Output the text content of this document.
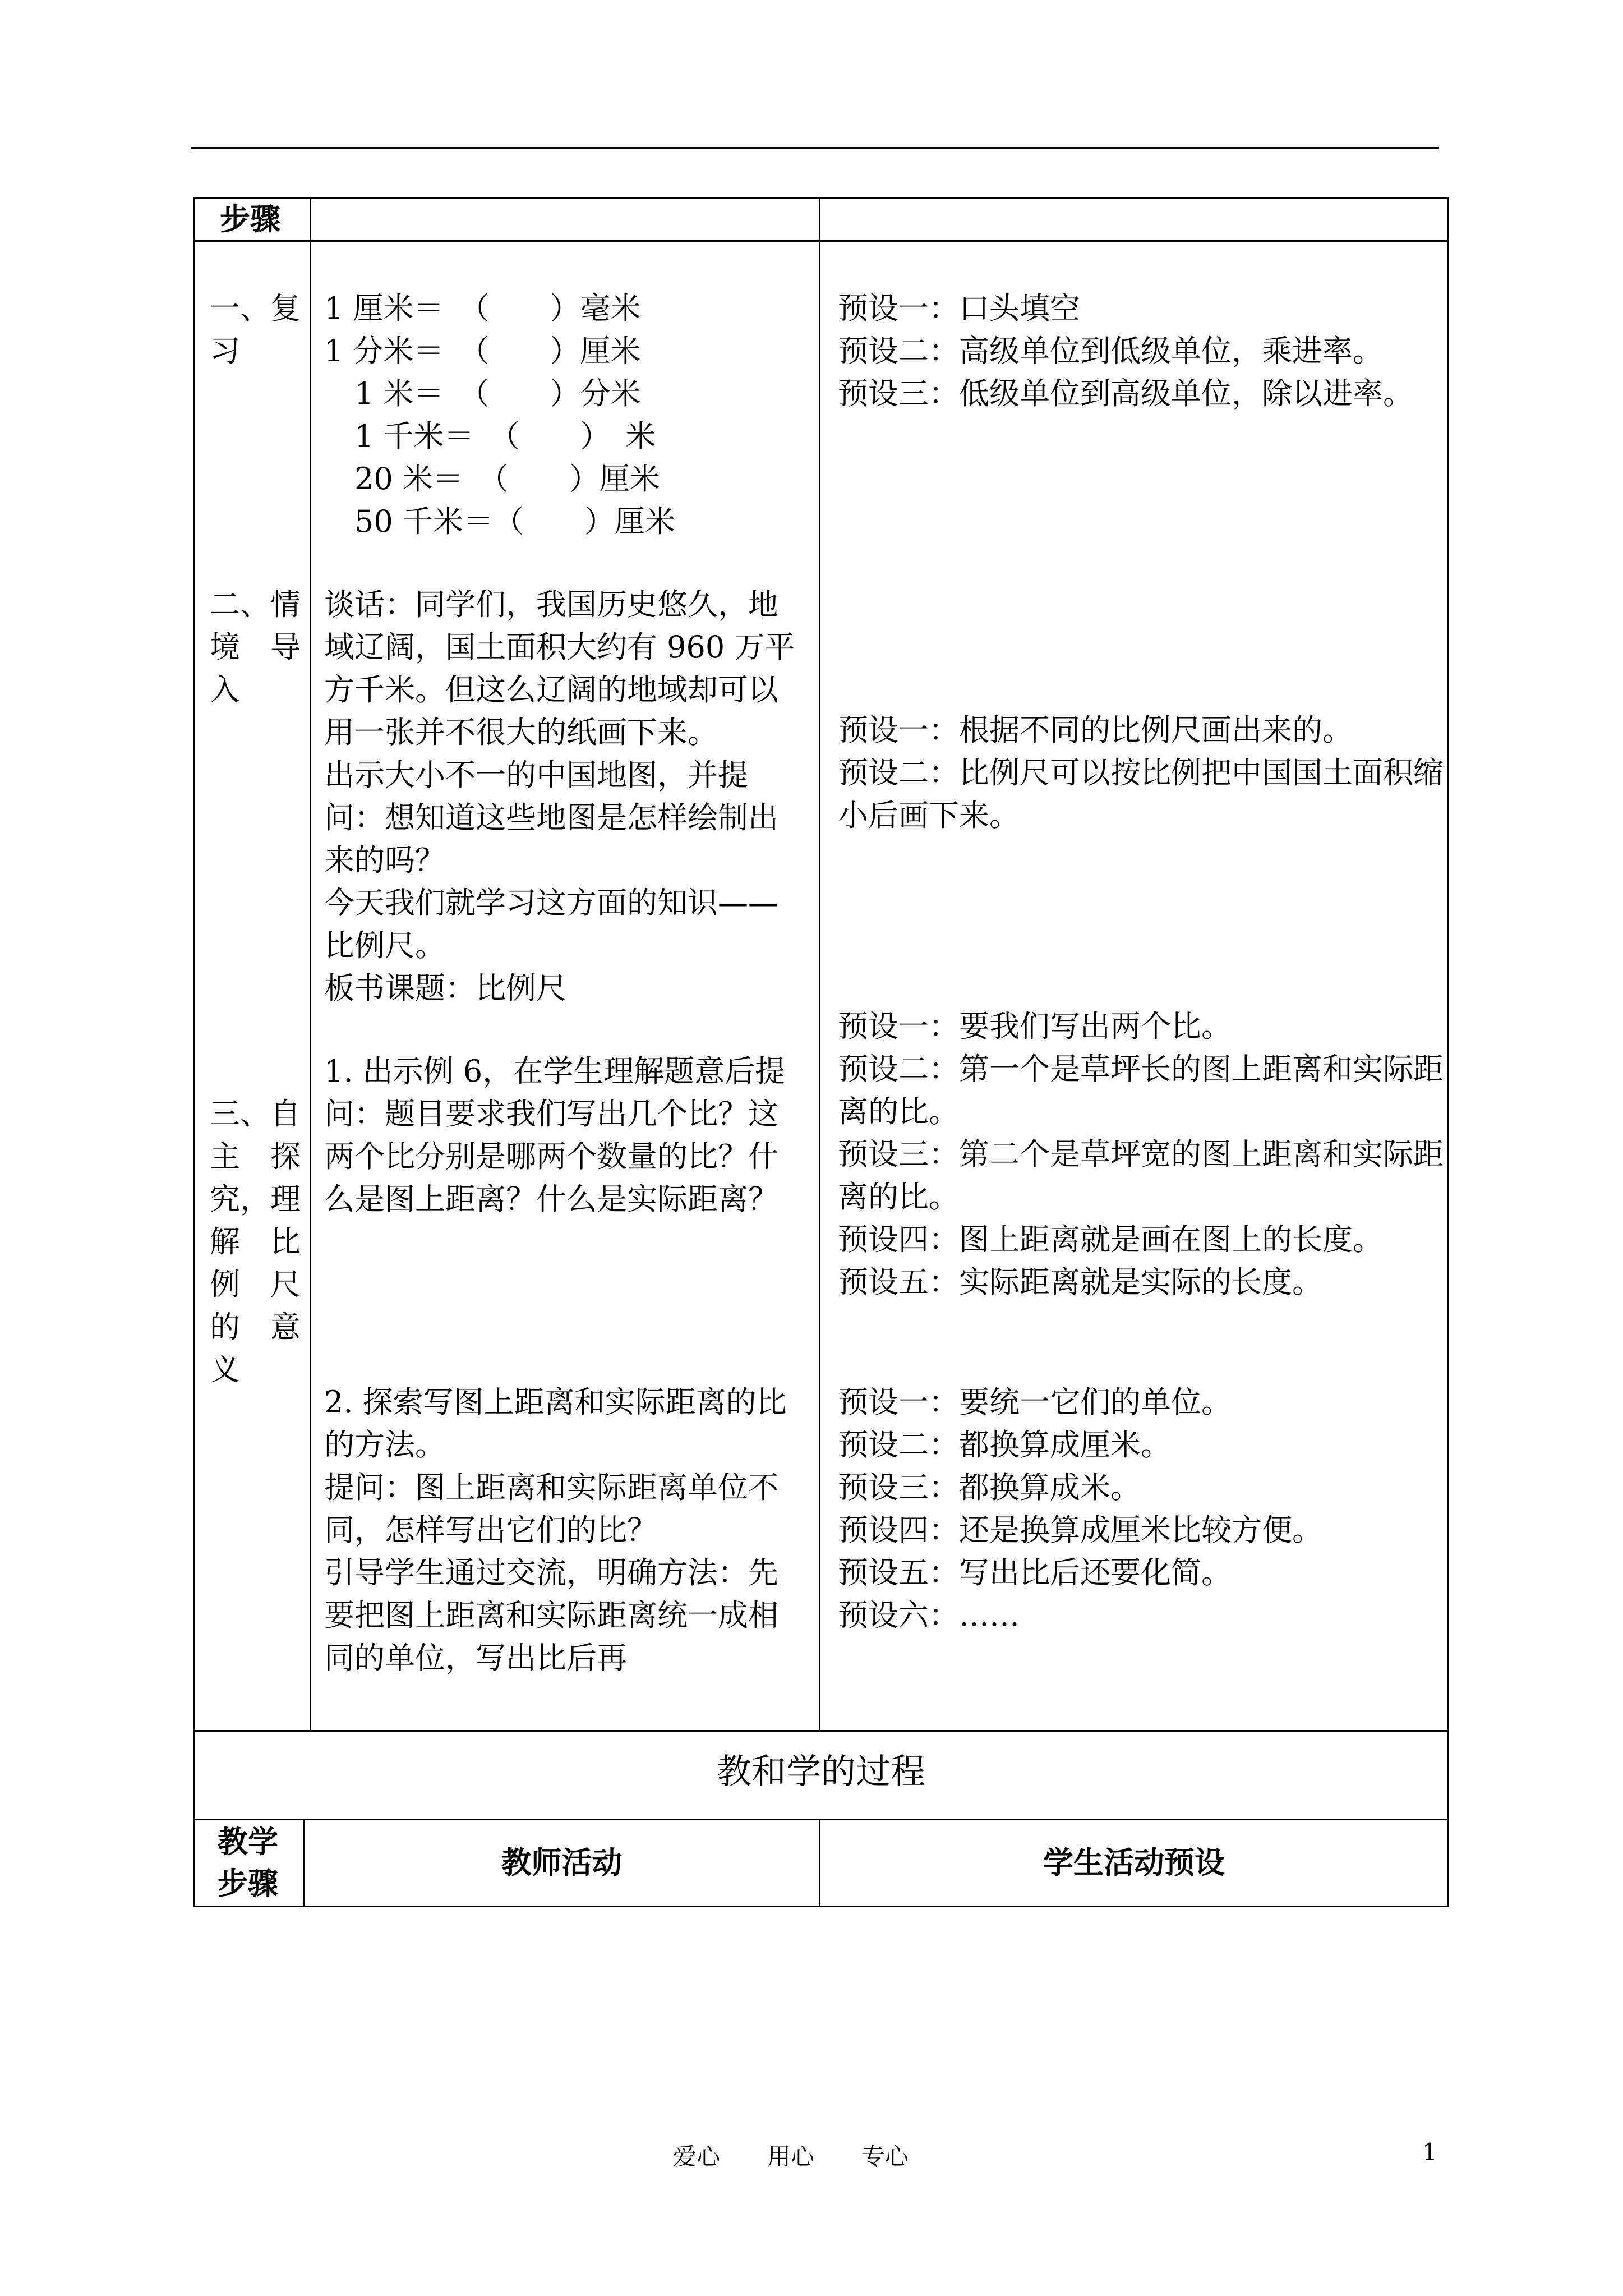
步骤
一、复
习
1 厘米＝　（　　）毫米
1 分米＝　（　　）厘米
　1 米＝　（　　）分米
　1 千米＝　（　　）　米
　20 米＝　（　　）厘米
　50 千米＝（　　）厘米
预设一：口头填空
预设二：高级单位到低级单位，乘进率。
预设三：低级单位到高级单位，除以进率。
二、情
境　导
入
谈话：同学们，我国历史悠久，地域辽阔，国土面积大约有 960 万平方千米。但这么辽阔的地域却可以用一张并不很大的纸画下来。
出示大小不一的中国地图，并提问：想知道这些地图是怎样绘制出来的吗？
今天我们就学习这方面的知识——比例尺。
板书课题：比例尺
预设一：根据不同的比例尺画出来的。
预设二：比例尺可以按比例把中国国土面积缩小后画下来。
三、自
主　探
究，理
解　比
例　尺
的　意
义
1. 出示例 6，在学生理解题意后提问：题目要求我们写出几个比？这两个比分别是哪两个数量的比？什么是图上距离？什么是实际距离？
预设一：要我们写出两个比。
预设二：第一个是草坪长的图上距离和实际距离的比。
预设三：第二个是草坪宽的图上距离和实际距离的比。
预设四：图上距离就是画在图上的长度。
预设五：实际距离就是实际的长度。
2. 探索写图上距离和实际距离的比的方法。
提问：图上距离和实际距离单位不同，怎样写出它们的比？
引导学生通过交流，明确方法：先要把图上距离和实际距离统一成相同的单位，写出比后再
预设一：要统一它们的单位。
预设二：都换算成厘米。
预设三：都换算成米。
预设四：还是换算成厘米比较方便。
预设五：写出比后还要化简。
预设六：……
教和学的过程
教学
步骤
教师活动	学生活动预设
爱心　　用心　　专心	1
